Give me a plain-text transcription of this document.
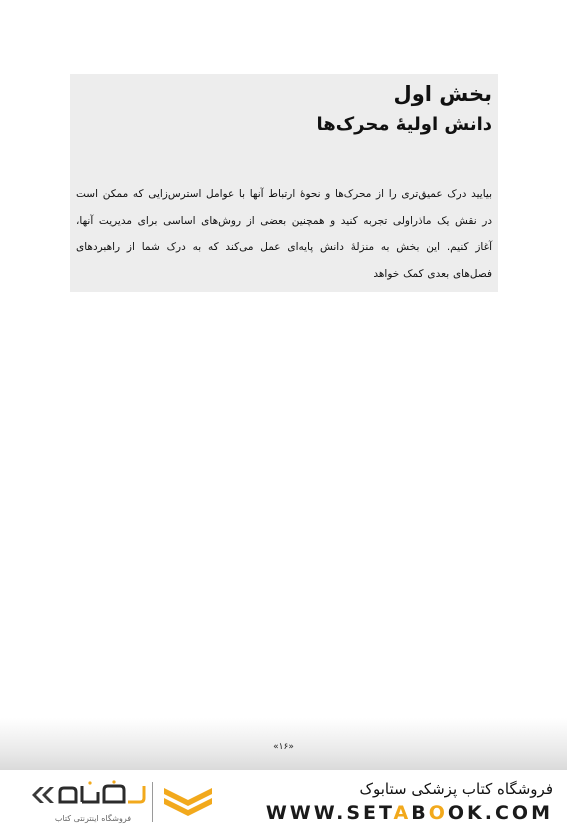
بخش اول
دانش اولیهٔ محرک‌ها

بیایید درک عمیق‌تری را از محرک‌ها و نحوهٔ ارتباط آنها با عوامل استرس‌زایی که ممکن است
در نقش یک ماذراولی تجربه کنید و همچنین بعضی از روش‌های اساسی برای مدیریت آنها،
آغاز کنیم. این بخش به منزلهٔ دانش پایه‌ای عمل می‌کند که به درک شما از راهبردهای
فصل‌های بعدی کمک خواهد

«۱۶»
فروشگاه اینترنتی کتاب
فروشگاه کتاب پزشکی ستابوک
WWW.SETABOOK.COM
